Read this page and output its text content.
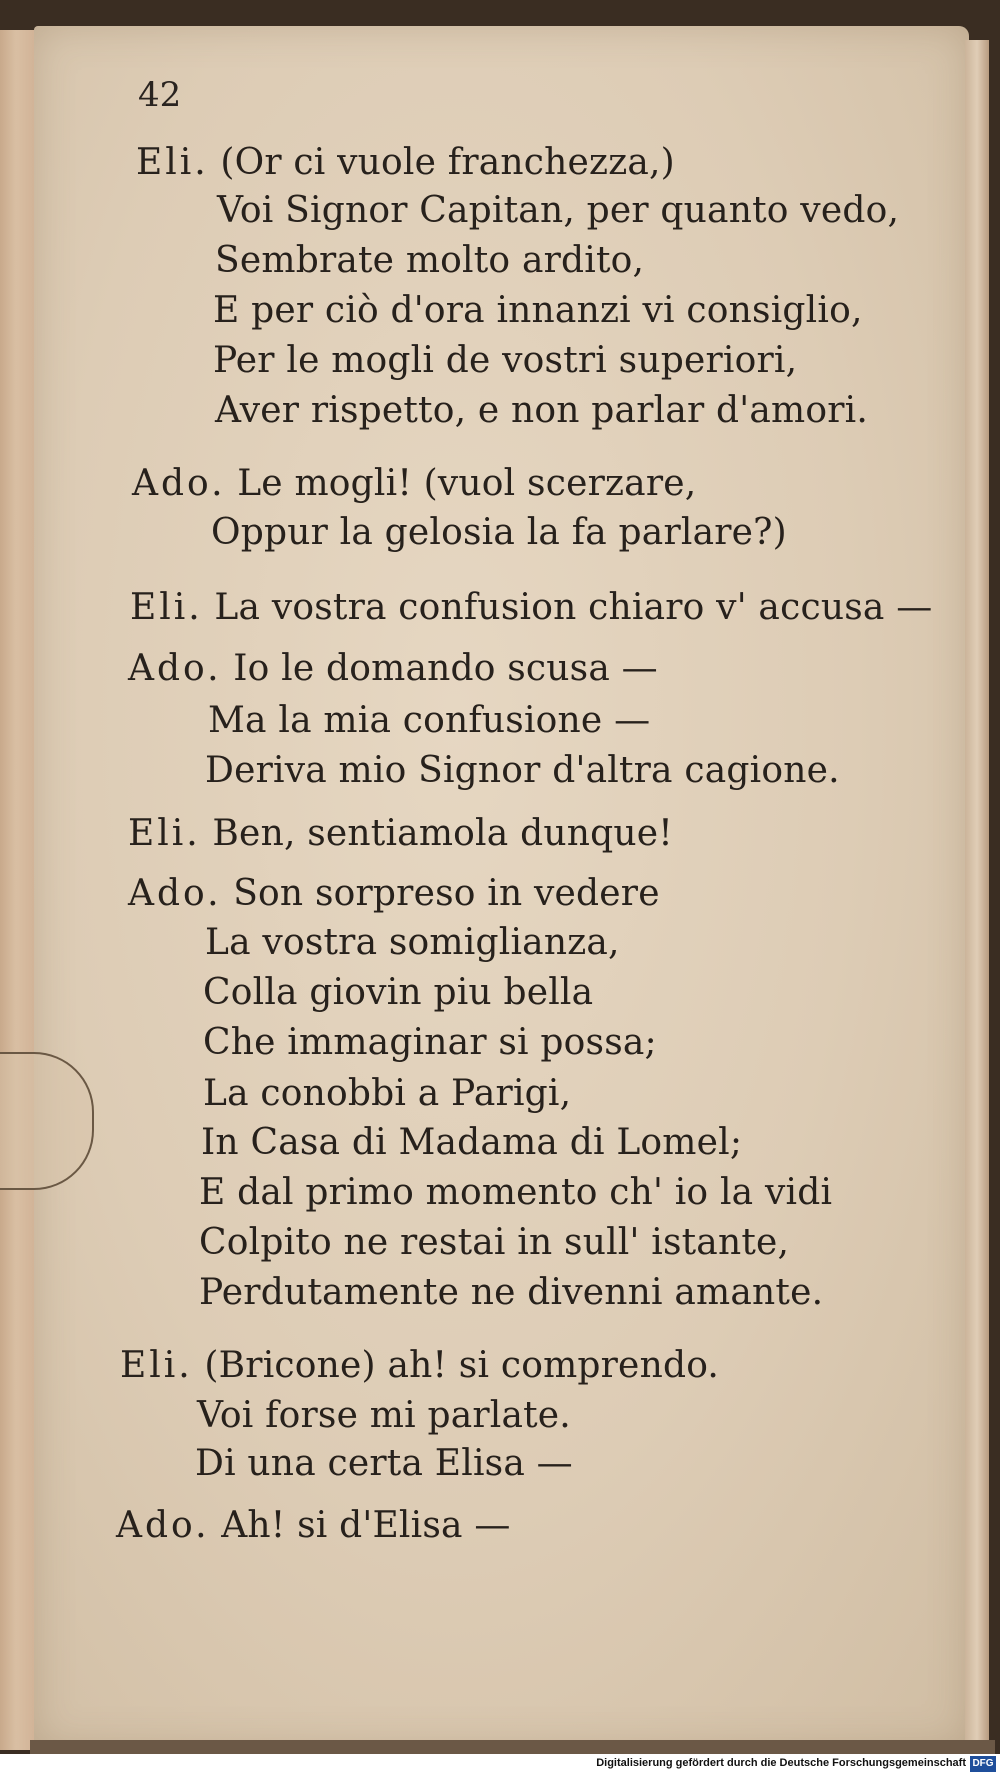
42
Eli. (Or ci vuole franchezza,)
Voi Signor Capitan, per quanto vedo,
Sembrate molto ardito,
E per ciò d'ora innanzi vi consiglio,
Per le mogli de vostri superiori,
Aver rispetto, e non parlar d'amori.
Ado. Le mogli! (vuol scerzare,
Oppur la gelosia la fa parlare?)
Eli. La vostra confusion chiaro v' accusa —
Ado. Io le domando scusa —
Ma la mia confusione —
Deriva mio Signor d'altra cagione.
Eli. Ben, sentiamola dunque!
Ado. Son sorpreso in vedere
La vostra somiglianza,
Colla giovin piu bella
Che immaginar si possa;
La conobbi a Parigi,
In Casa di Madama di Lomel;
E dal primo momento ch' io la vidi
Colpito ne restai in sull' istante,
Perdutamente ne divenni amante.
Eli. (Bricone) ah! si comprendo.
Voi forse mi parlate.
Di una certa Elisa —
Ado. Ah! si d'Elisa —
Digitalisierung gefördert durch die Deutsche Forschungsgemeinschaft DFG
